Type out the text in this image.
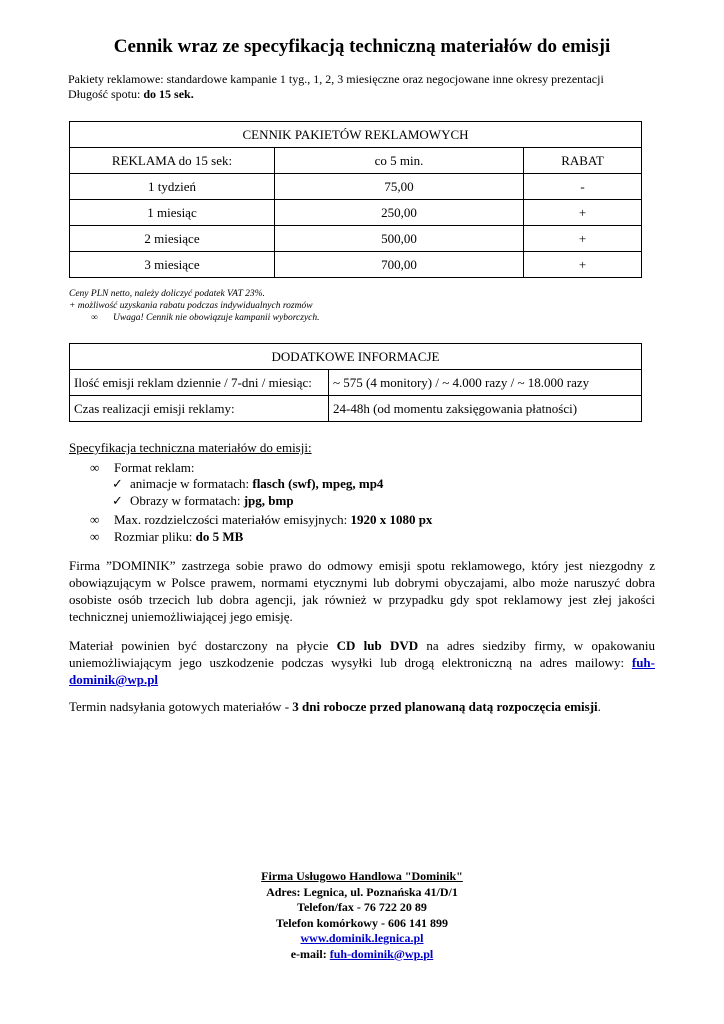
Cennik wraz ze specyfikacją techniczną materiałów do emisji
Pakiety reklamowe: standardowe kampanie 1 tyg., 1, 2, 3 miesięczne oraz negocjowane inne okresy prezentacji
Długość spotu: do 15 sek.
CENNIK PAKIETÓW REKLAMOWYCH		
REKLAMA do 15 sek:	co 5 min.	RABAT
1 tydzień	75,00	-
1 miesiąc	250,00	+
2 miesiące	500,00	+
3 miesiące	700,00	+
Ceny PLN netto, należy doliczyć podatek VAT 23%.
+ możliwość uzyskania rabatu podczas indywidualnych rozmów
∞ Uwaga! Cennik nie obowiązuje kampanii wyborczych.
DODATKOWE INFORMACJE	
Ilość emisji reklam dziennie / 7-dni / miesiąc:	~ 575 (4 monitory) / ~ 4.000 razy / ~ 18.000 razy
Czas realizacji emisji reklamy:	24-48h (od momentu zaksięgowania płatności)
Specyfikacja techniczna materiałów do emisji:
∞ Format reklam:
✓ animacje w formatach: flasch (swf), mpeg, mp4
✓ Obrazy w formatach: jpg, bmp
∞ Max. rozdzielczości materiałów emisyjnych: 1920 x 1080 px
∞ Rozmiar pliku: do 5 MB
Firma ”DOMINIK” zastrzega sobie prawo do odmowy emisji spotu reklamowego, który jest niezgodny z obowiązującym w Polsce prawem, normami etycznymi lub dobrymi obyczajami, albo może naruszyć dobra osobiste osób trzecich lub dobra agencji, jak również w przypadku gdy spot reklamowy jest złej jakości technicznej uniemożliwiającej jego emisję.
Materiał powinien być dostarczony na płycie CD lub DVD na adres siedziby firmy, w opakowaniu uniemożliwiającym jego uszkodzenie podczas wysyłki lub drogą elektroniczną na adres mailowy: fuh-dominik@wp.pl
Termin nadsyłania gotowych materiałów - 3 dni robocze przed planowaną datą rozpoczęcia emisji.
Firma Usługowo Handlowa "Dominik"
Adres: Legnica, ul. Poznańska 41/D/1
Telefon/fax - 76 722 20 89
Telefon komórkowy - 606 141 899
www.dominik.legnica.pl
e-mail: fuh-dominik@wp.pl
